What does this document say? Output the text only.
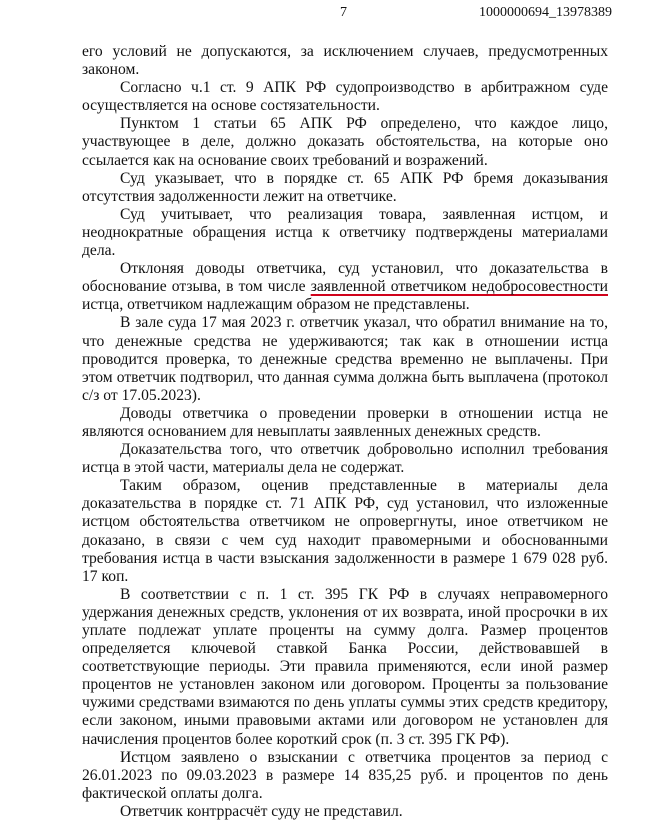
7	1000000694_13978389

его условий не допускаются, за исключением случаев, предусмотренных законом.

Согласно ч.1 ст. 9 АПК РФ судопроизводство в арбитражном суде осуществляется на основе состязательности.

Пунктом 1 статьи 65 АПК РФ определено, что каждое лицо, участвующее в деле, должно доказать обстоятельства, на которые оно ссылается как на основание своих требований и возражений.

Суд указывает, что в порядке ст. 65 АПК РФ бремя доказывания отсутствия задолженности лежит на ответчике.

Суд учитывает, что реализация товара, заявленная истцом, и неоднократные обращения истца к ответчику подтверждены материалами дела.

Отклоняя доводы ответчика, суд установил, что доказательства в обоснование отзыва, в том числе заявленной ответчиком недобросовестности истца, ответчиком надлежащим образом не представлены.

В зале суда 17 мая 2023 г. ответчик указал, что обратил внимание на то, что денежные средства не удерживаются; так как в отношении истца проводится проверка, то денежные средства временно не выплачены. При этом ответчик подтворил, что данная сумма должна быть выплачена (протокол с/з от 17.05.2023).

Доводы ответчика о проведении проверки в отношении истца не являются основанием для невыплаты заявленных денежных средств.

Доказательства того, что ответчик добровольно исполнил требования истца в этой части, материалы дела не содержат.

Таким образом, оценив представленные в материалы дела доказательства в порядке ст. 71 АПК РФ, суд установил, что изложенные истцом обстоятельства ответчиком не опровергнуты, иное ответчиком не доказано, в связи с чем суд находит правомерными и обоснованными требования истца в части взыскания задолженности в размере 1 679 028 руб. 17 коп.

В соответствии с п. 1 ст. 395 ГК РФ в случаях неправомерного удержания денежных средств, уклонения от их возврата, иной просрочки в их уплате подлежат уплате проценты на сумму долга. Размер процентов определяется ключевой ставкой Банка России, действовавшей в соответствующие периоды. Эти правила применяются, если иной размер процентов не установлен законом или договором. Проценты за пользование чужими средствами взимаются по день уплаты суммы этих средств кредитору, если законом, иными правовыми актами или договором не установлен для начисления процентов более короткий срок (п. 3 ст. 395 ГК РФ).

Истцом заявлено о взыскании с ответчика процентов за период с 26.01.2023 по 09.03.2023 в размере 14 835,25 руб. и процентов по день фактической оплаты долга.

Ответчик контррасчёт суду не представил.
